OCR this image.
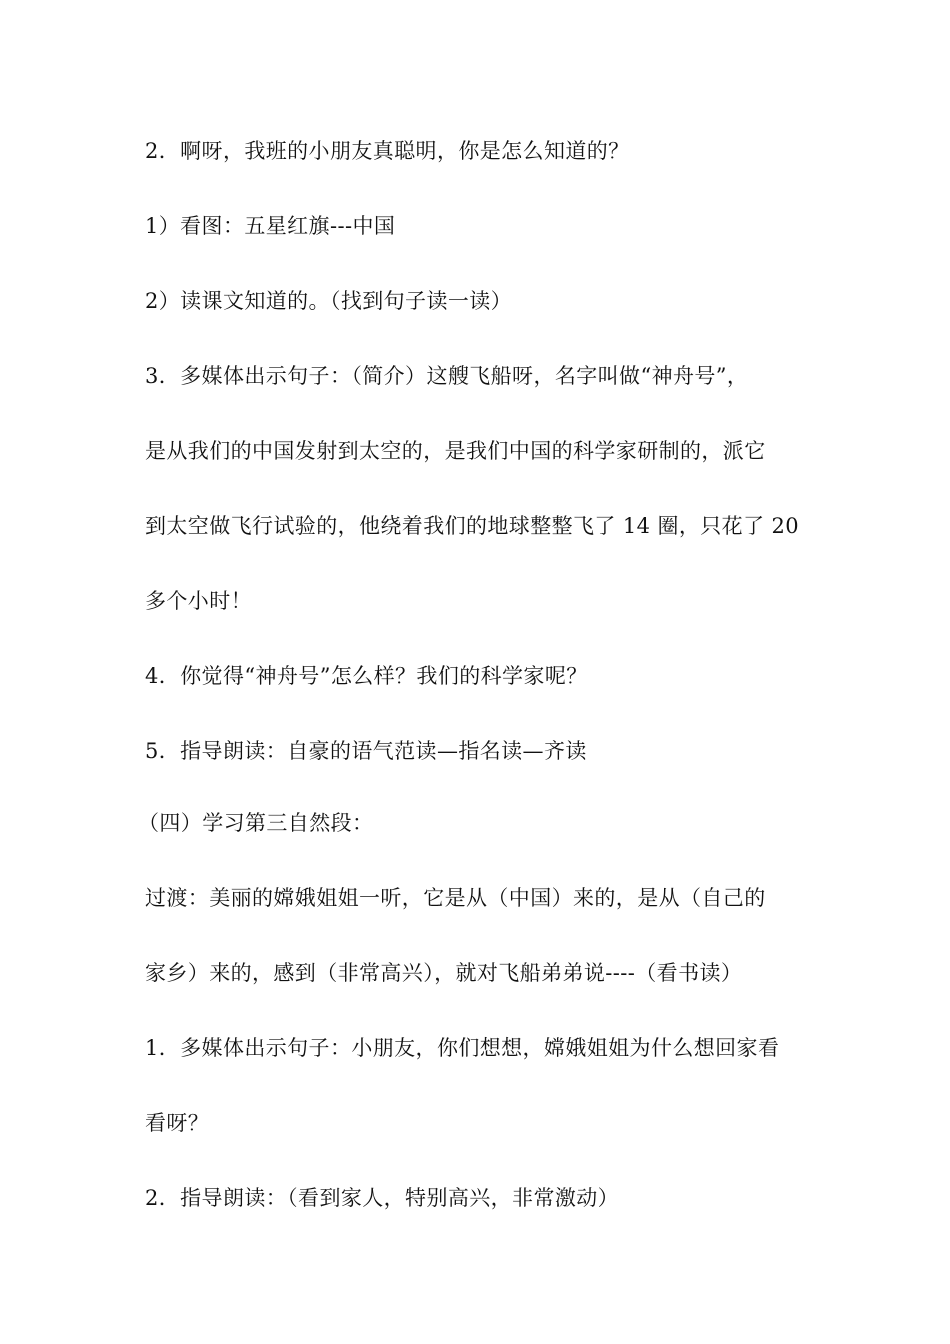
2．啊呀，我班的小朋友真聪明，你是怎么知道的？
1）看图：五星红旗---中国
2）读课文知道的。（找到句子读一读）
3．多媒体出示句子：（简介）这艘飞船呀，名字叫做“神舟号”，
是从我们的中国发射到太空的，是我们中国的科学家研制的，派它
到太空做飞行试验的，他绕着我们的地球整整飞了 14 圈，只花了 20
多个小时！
4．你觉得“神舟号”怎么样？我们的科学家呢？
5．指导朗读：自豪的语气范读—指名读—齐读
（四）学习第三自然段：
过渡：美丽的嫦娥姐姐一听，它是从（中国）来的，是从（自己的
家乡）来的，感到（非常高兴），就对飞船弟弟说----（看书读）
1．多媒体出示句子：小朋友，你们想想，嫦娥姐姐为什么想回家看
看呀？
2．指导朗读：（看到家人，特别高兴，非常激动）
